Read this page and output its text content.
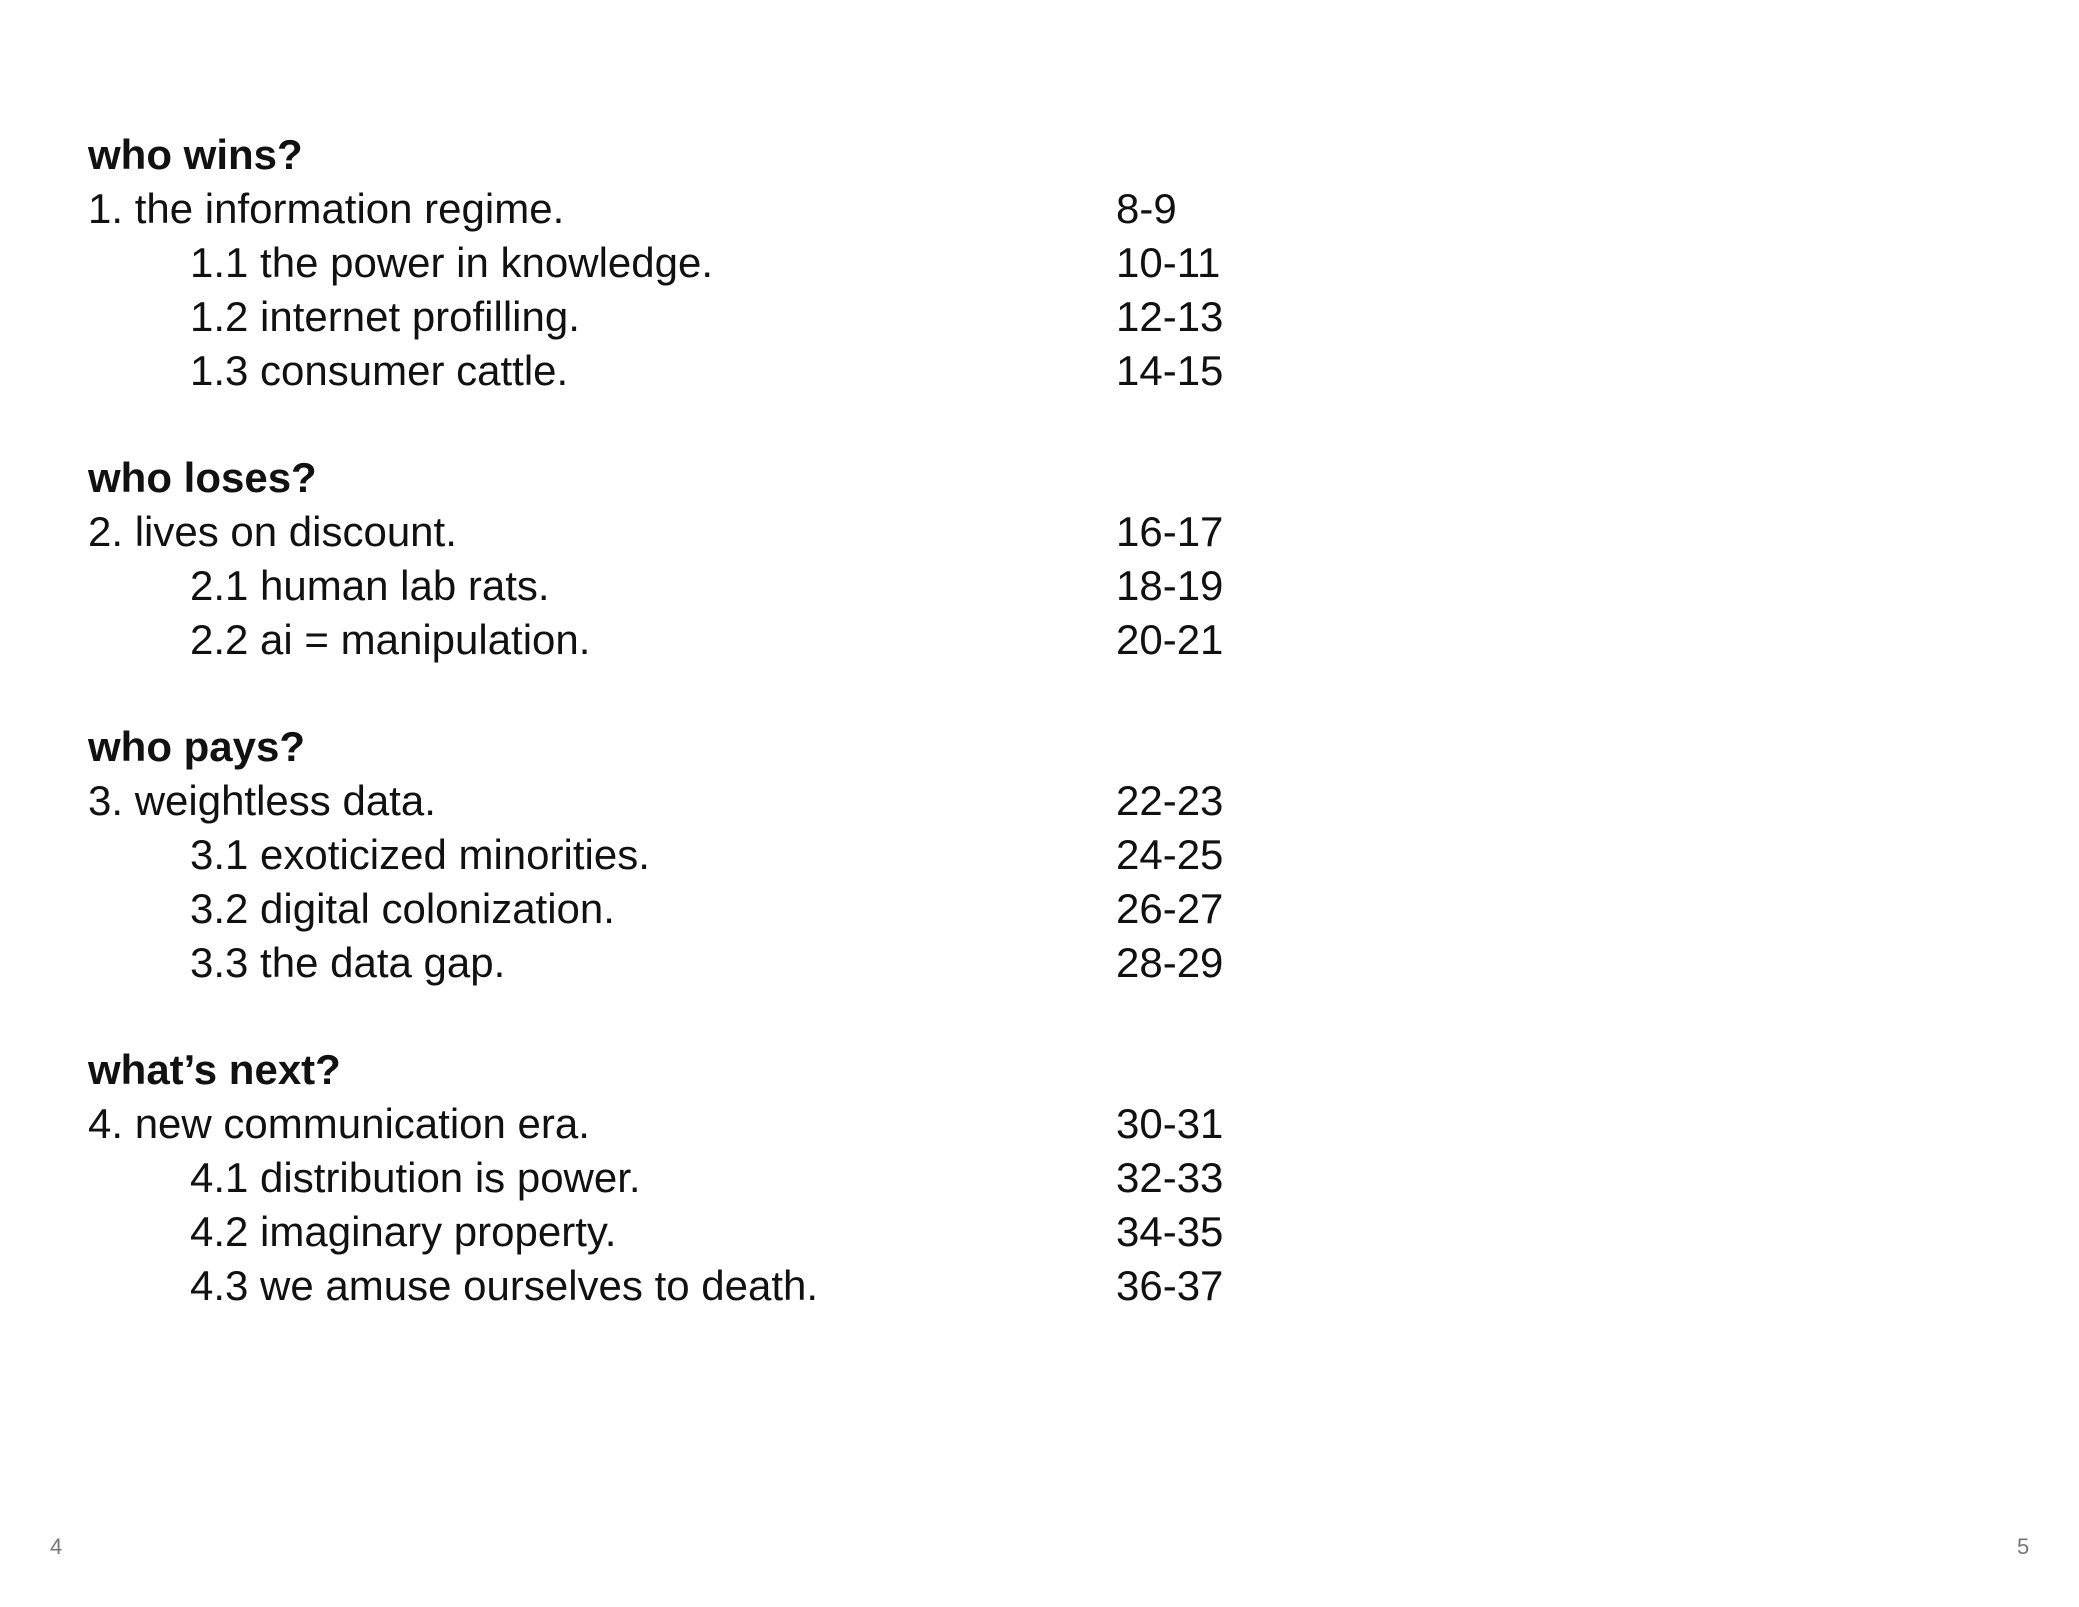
who wins?
1. the information regime.	8-9
1.1 the power in knowledge.	10-11
1.2 internet profilling.	12-13
1.3 consumer cattle.	14-15
who loses?
2. lives on discount.	16-17
2.1 human lab rats.	18-19
2.2 ai = manipulation.	20-21
who pays?
3. weightless data.	22-23
3.1 exoticized minorities.	24-25
3.2 digital colonization.	26-27
3.3 the data gap.	28-29
what’s next?
4. new communication era.	30-31
4.1 distribution is power.	32-33
4.2 imaginary property.	34-35
4.3 we amuse ourselves to death.	36-37
4	5
